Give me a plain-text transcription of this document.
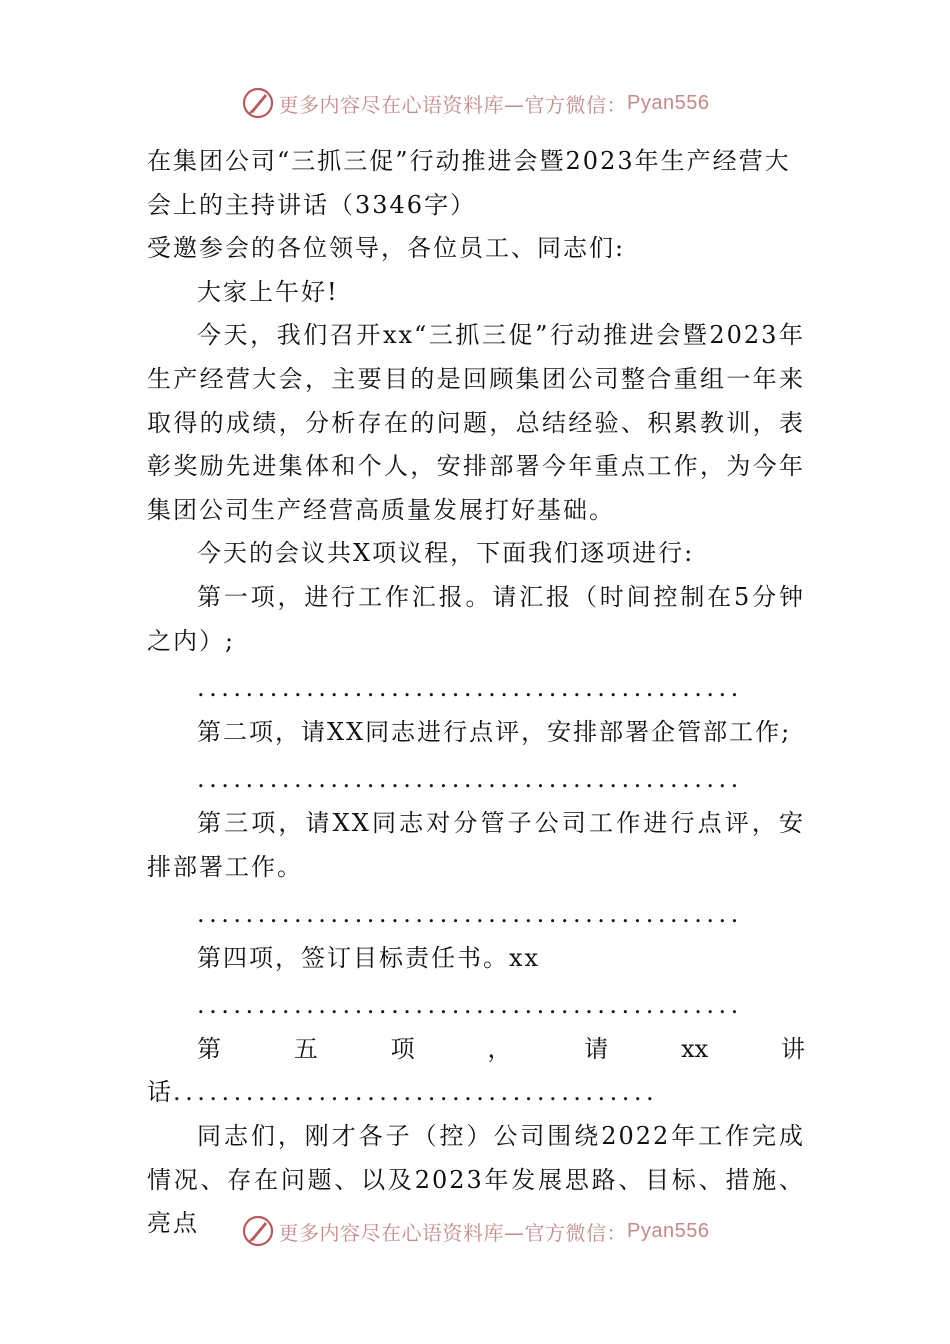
更多内容尽在心语资料库—官方微信： Pyan556

在集团公司“三抓三促”行动推进会暨2023年生产经营大会上的主持讲话（3346字）

受邀参会的各位领导，各位员工、同志们:

大家上午好!

今天，我们召开xx“三抓三促”行动推进会暨2023年生产经营大会，主要目的是回顾集团公司整合重组一年来取得的成绩，分析存在的问题，总结经验、积累教训，表彰奖励先进集体和个人，安排部署今年重点工作，为今年集团公司生产经营高质量发展打好基础。

今天的会议共X项议程，下面我们逐项进行:

第一项，进行工作汇报。请汇报（时间控制在5分钟之内）;

.............................................

第二项，请XX同志进行点评，安排部署企管部工作;

.............................................

第三项，请XX同志对分管子公司工作进行点评，安排部署工作。

.............................................

第四项，签订目标责任书。xx

.............................................

第	五	项	，	请	xx	讲

话........................................

同志们，刚才各子（控）公司围绕2022年工作完成情况、存在问题、以及2023年发展思路、目标、措施、亮点	更多内容尽在心语资料库—官方微信： Pyan556
